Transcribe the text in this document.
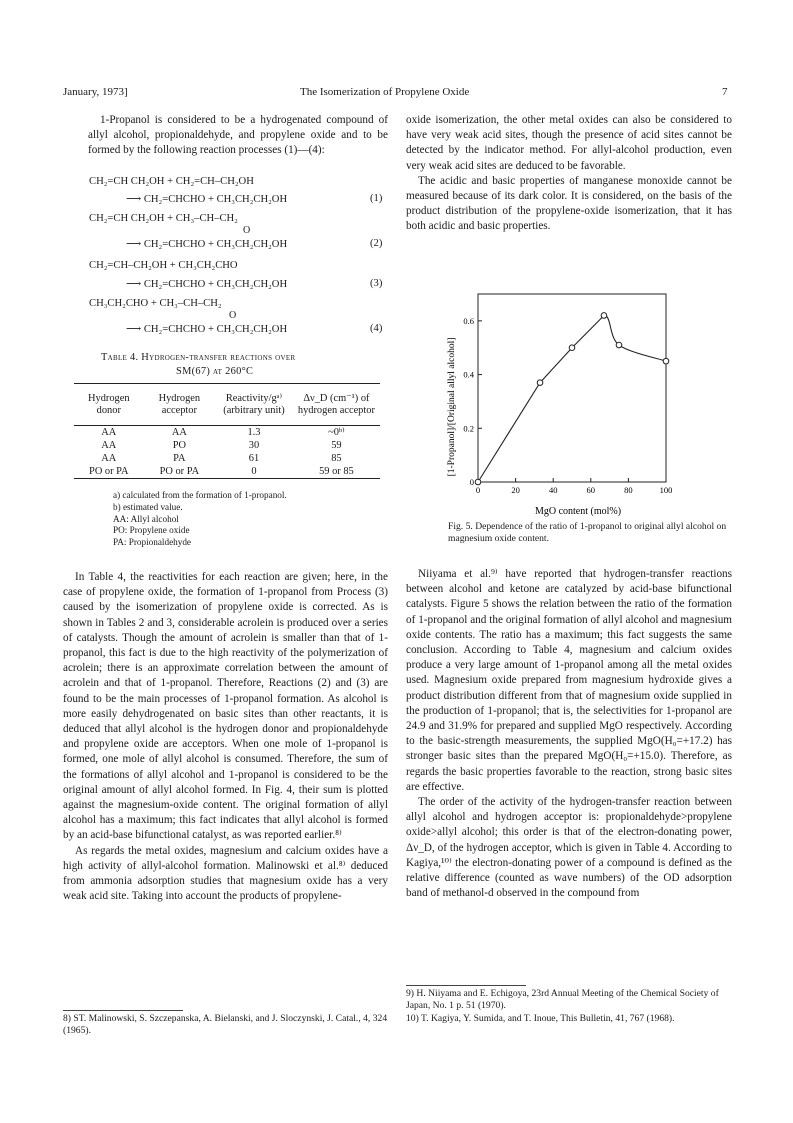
January, 1973]	The Isomerization of Propylene Oxide	7

1-Propanol is considered to be a hydrogenated compound of allyl alcohol, propionaldehyde, and propylene oxide and to be formed by the following reaction processes (1)—(4):

CH₂=CH CH₂OH + CH₂=CH–CH₂OH
⟶ CH₂=CHCHO + CH₃CH₂CH₂OH	(1)
CH₂=CH CH₂OH + CH₃–CH–CH₂
O
⟶ CH₂=CHCHO + CH₃CH₂CH₂OH	(2)
CH₂=CH–CH₂OH + CH₃CH₂CHO
⟶ CH₂=CHCHO + CH₃CH₂CH₂OH	(3)
CH₃CH₂CHO + CH₃–CH–CH₂
O
⟶ CH₂=CHCHO + CH₃CH₂CH₂OH	(4)
Table 4. Hydrogen-transfer reactions over
SM(67) at 260°C
Hydrogen donor	Hydrogen acceptor	Reactivity/gᵃ⁾ (arbitrary unit)	Δν_D (cm⁻¹) of hydrogen acceptor
AA	AA	1.3	~0ᵇ⁾
AA	PO	30	59
AA	PA	61	85
PO or PA	PO or PA	0	59 or 85
a) calculated from the formation of 1-propanol.
b) estimated value.
AA: Allyl alcohol
PO: Propylene oxide
PA: Propionaldehyde

In Table 4, the reactivities for each reaction are given; here, in the case of propylene oxide, the formation of 1-propanol from Process (3) caused by the isomerization of propylene oxide is corrected. As is shown in Tables 2 and 3, considerable acrolein is produced over a series of catalysts. Though the amount of acrolein is smaller than that of 1-propanol, this fact is due to the high reactivity of the polymerization of acrolein; there is an approximate correlation between the amount of acrolein and that of 1-propanol. Therefore, Reactions (2) and (3) are found to be the main processes of 1-propanol formation. As alcohol is more easily dehydrogenated on basic sites than other reactants, it is deduced that allyl alcohol is the hydrogen donor and propionaldehyde and propylene oxide are acceptors. When one mole of 1-propanol is formed, one mole of allyl alcohol is consumed. Therefore, the sum of the formations of allyl alcohol and 1-propanol is considered to be the original amount of allyl alcohol formed. In Fig. 4, their sum is plotted against the magnesium-oxide content. The original formation of allyl alcohol has a maximum; this fact indicates that allyl alcohol is formed by an acid-base bifunctional catalyst, as was reported earlier.⁸⁾

As regards the metal oxides, magnesium and calcium oxides have a high activity of allyl-alcohol formation. Malinowski et al.⁸⁾ deduced from ammonia adsorption studies that magnesium oxide has a very weak acid site. Taking into account the products of propylene-

8) ST. Malinowski, S. Szczepanska, A. Bielanski, and J. Sloczynski, J. Catal., 4, 324 (1965).

oxide isomerization, the other metal oxides can also be considered to have very weak acid sites, though the presence of acid sites cannot be detected by the indicator method. For allyl-alcohol production, even very weak acid sites are deduced to be favorable.

The acidic and basic properties of manganese monoxide cannot be measured because of its dark color. It is considered, on the basis of the product distribution of the propylene-oxide isomerization, that it has both acidic and basic properties.

0	20	40	60	80	100
0
0.2
0.4
0.6
[1-Propanol]/[Original allyl alcohol]
MgO content (mol%)
Fig. 5. Dependence of the ratio of 1-propanol to original allyl alcohol on magnesium oxide content.

Niiyama et al.⁹⁾ have reported that hydrogen-transfer reactions between alcohol and ketone are catalyzed by acid-base bifunctional catalysts. Figure 5 shows the relation between the ratio of the formation of 1-propanol and the original formation of allyl alcohol and magnesium oxide contents. The ratio has a maximum; this fact suggests the same conclusion. According to Table 4, magnesium and calcium oxides produce a very large amount of 1-propanol among all the metal oxides used. Magnesium oxide prepared from magnesium hydroxide gives a product distribution different from that of magnesium oxide supplied in the production of 1-propanol; that is, the selectivities for 1-propanol are 24.9 and 31.9% for prepared and supplied MgO respectively. According to the basic-strength measurements, the supplied MgO(H₀=+17.2) has stronger basic sites than the prepared MgO(H₀=+15.0). Therefore, as regards the basic properties favorable to the reaction, strong basic sites are effective.

The order of the activity of the hydrogen-transfer reaction between allyl alcohol and hydrogen acceptor is: propionaldehyde>propylene oxide>allyl alcohol; this order is that of the electron-donating power, Δν_D, of the hydrogen acceptor, which is given in Table 4. According to Kagiya,¹⁰⁾ the electron-donating power of a compound is defined as the relative difference (counted as wave numbers) of the OD adsorption band of methanol-d observed in the compound from

9) H. Niiyama and E. Echigoya, 23rd Annual Meeting of the Chemical Society of Japan, No. 1 p. 51 (1970).
10) T. Kagiya, Y. Sumida, and T. Inoue, This Bulletin, 41, 767 (1968).
